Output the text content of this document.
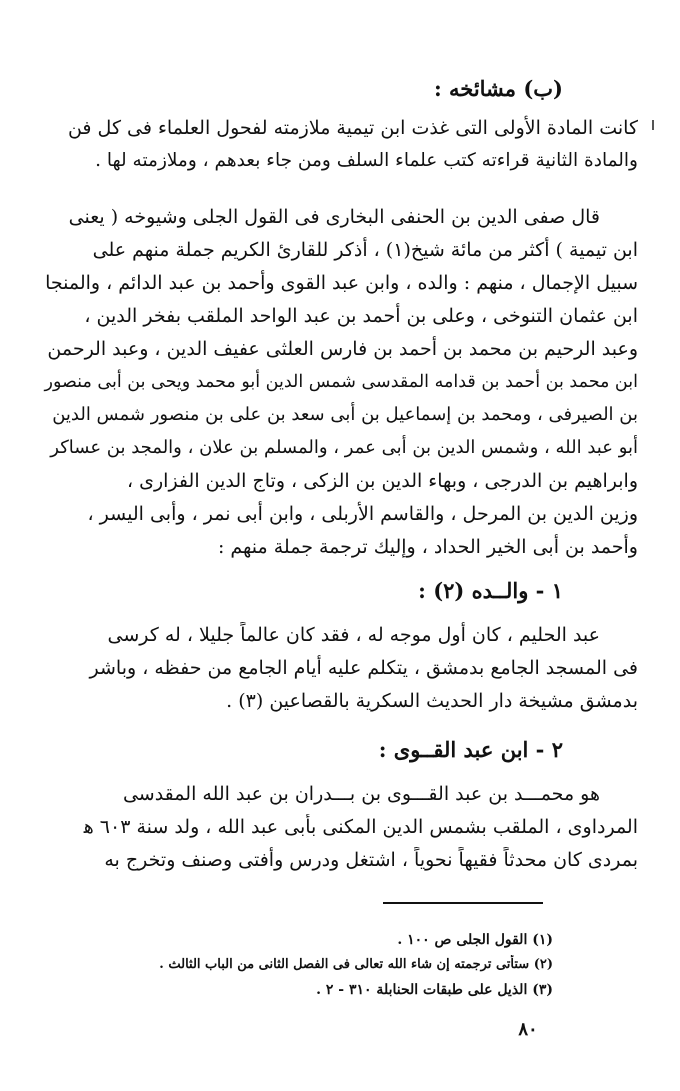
(ب) مشائخه :
كانت المادة الأولى التى غذت ابن تيمية ملازمته لفحول العلماء فى كل فن
والمادة الثانية قراءته كتب علماء السلف ومن جاء بعدهم ، وملازمته لها .
قال صفى الدين بن الحنفى البخارى فى القول الجلى وشيوخه ( يعنى
ابن تيمية ) أكثر من مائة شيخ(١) ، أذكر للقارئ الكريم جملة منهم على
سبيل الإجمال ، منهم : والده ، وابن عبد القوى وأحمد بن عبد الدائم ، والمنجا
ابن عثمان التنوخى ، وعلى بن أحمد بن عبد الواحد الملقب بفخر الدين ،
وعبد الرحيم بن محمد بن أحمد بن فارس العلثى عفيف الدين ، وعبد الرحمن
ابن محمد بن أحمد بن قدامه المقدسى شمس الدين أبو محمد ويحى بن أبى منصور
بن الصيرفى ، ومحمد بن إسماعيل بن أبى سعد بن على بن منصور شمس الدين
أبو عبد الله ، وشمس الدين بن أبى عمر ، والمسلم بن علان ، والمجد بن عساكر
وابراهيم بن الدرجى ، وبهاء الدين بن الزكى ، وتاج الدين الفزارى ،
وزين الدين بن المرحل ، والقاسم الأربلى ، وابن أبى نمر ، وأبى اليسر ،
وأحمد بن أبى الخير الحداد ، وإليك ترجمة جملة منهم :
١ - والــده (٢) :
عبد الحليم ، كان أول موجه له ، فقد كان عالماً جليلا ، له كرسى
فى المسجد الجامع بدمشق ، يتكلم عليه أيام الجامع من حفظه ، وباشر
بدمشق مشيخة دار الحديث السكرية بالقصاعين (٣) .
٢ - ابن عبد القــوى :
هو محمـــد بن عبد القـــوى بن بـــدران بن عبد الله المقدسى
المرداوى ، الملقب بشمس الدين المكنى بأبى عبد الله ، ولد سنة ٦٠٣ ﻫ
بمردى كان محدثاً فقيهاً نحوياً ، اشتغل ودرس وأفتى وصنف وتخرج به
(١) القول الجلى ص ١٠٠ .
(٢) ستأتى ترجمته إن شاء الله تعالى فى الفصل الثانى من الباب الثالث .
(٣) الذيل على طبقات الحنابلة ٣١٠ - ٢ .
٨٠
